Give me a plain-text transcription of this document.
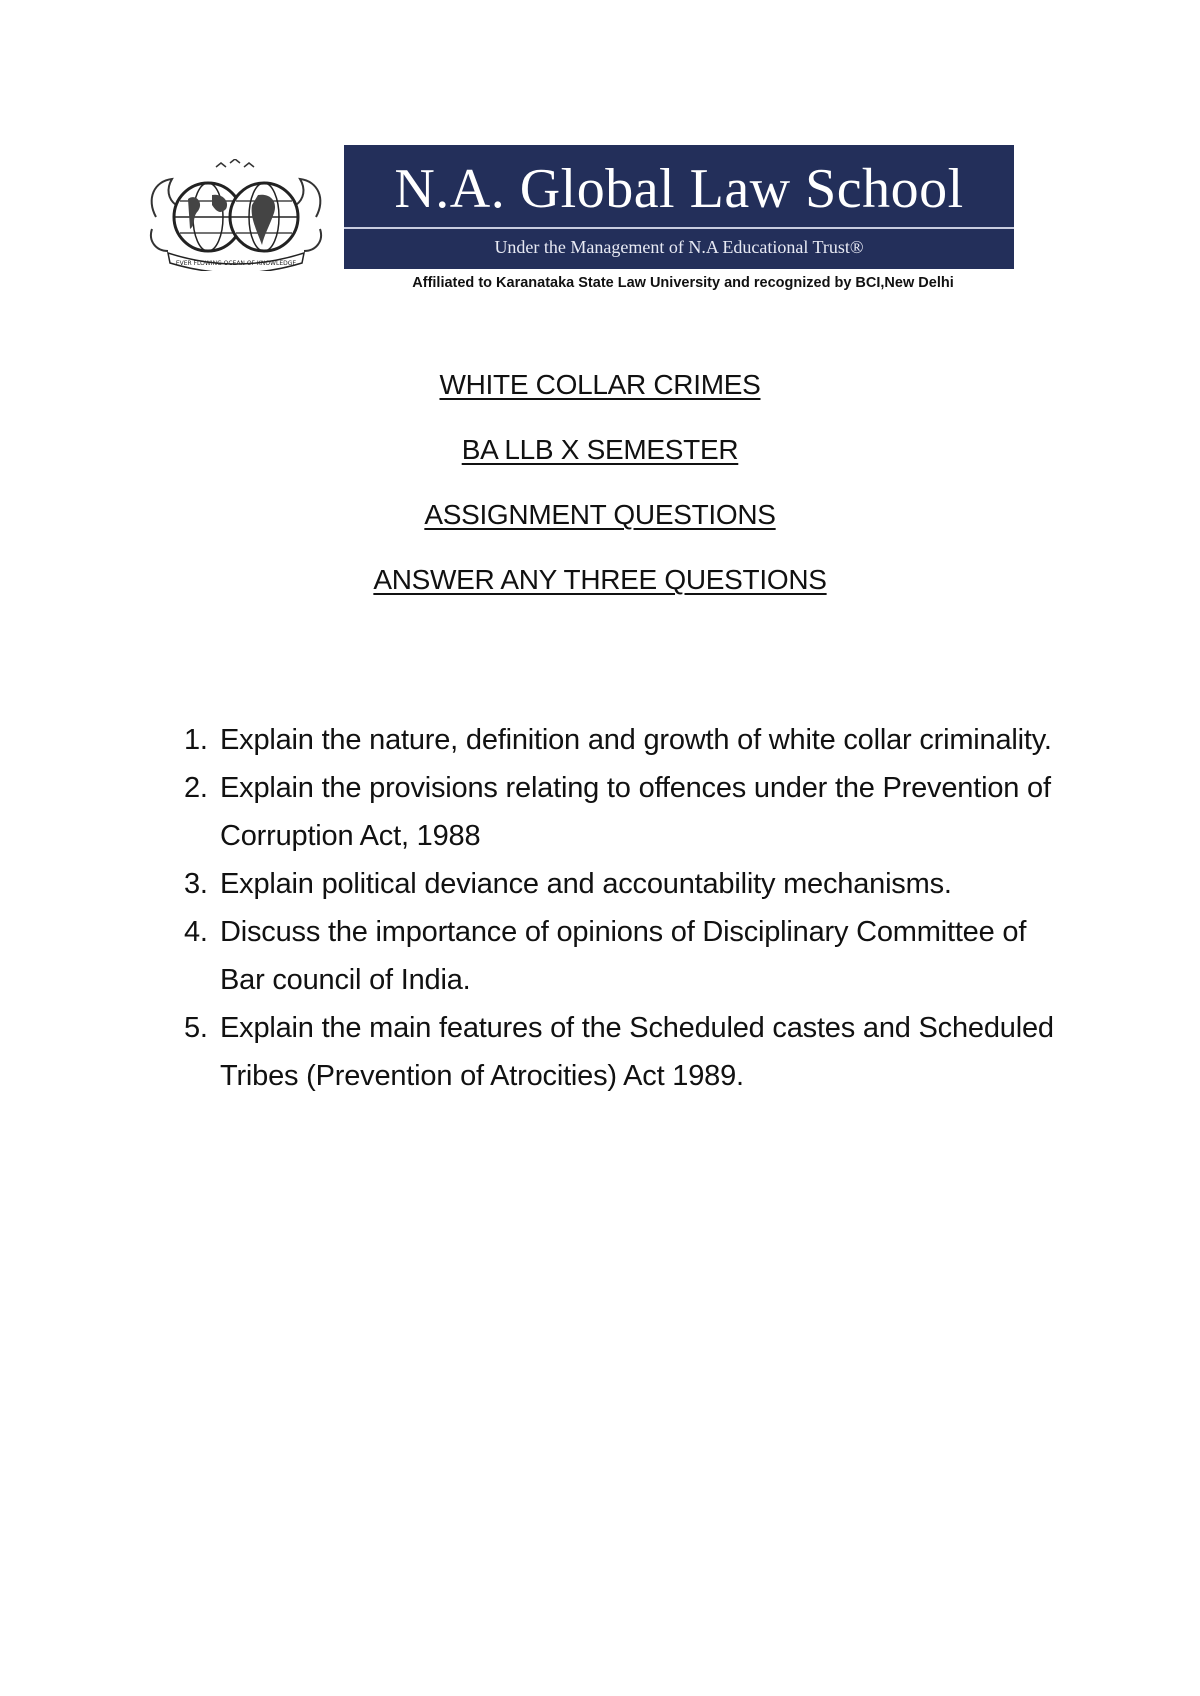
EVER FLOWING OCEAN OF KNOWLEDGE
N.A. Global Law School
Under the Management of N.A Educational Trust®
Affiliated to Karanataka State Law University and recognized by BCI,New Delhi
WHITE COLLAR CRIMES
BA LLB X SEMESTER
ASSIGNMENT QUESTIONS
ANSWER ANY THREE QUESTIONS
1. Explain the nature, definition and growth of white collar criminality.
2. Explain the provisions relating to offences under the Prevention of Corruption Act, 1988
3. Explain political deviance and accountability mechanisms.
4. Discuss the importance of opinions of Disciplinary Committee of Bar council of India.
5. Explain the main features of the Scheduled castes and Scheduled Tribes (Prevention of Atrocities) Act 1989.
